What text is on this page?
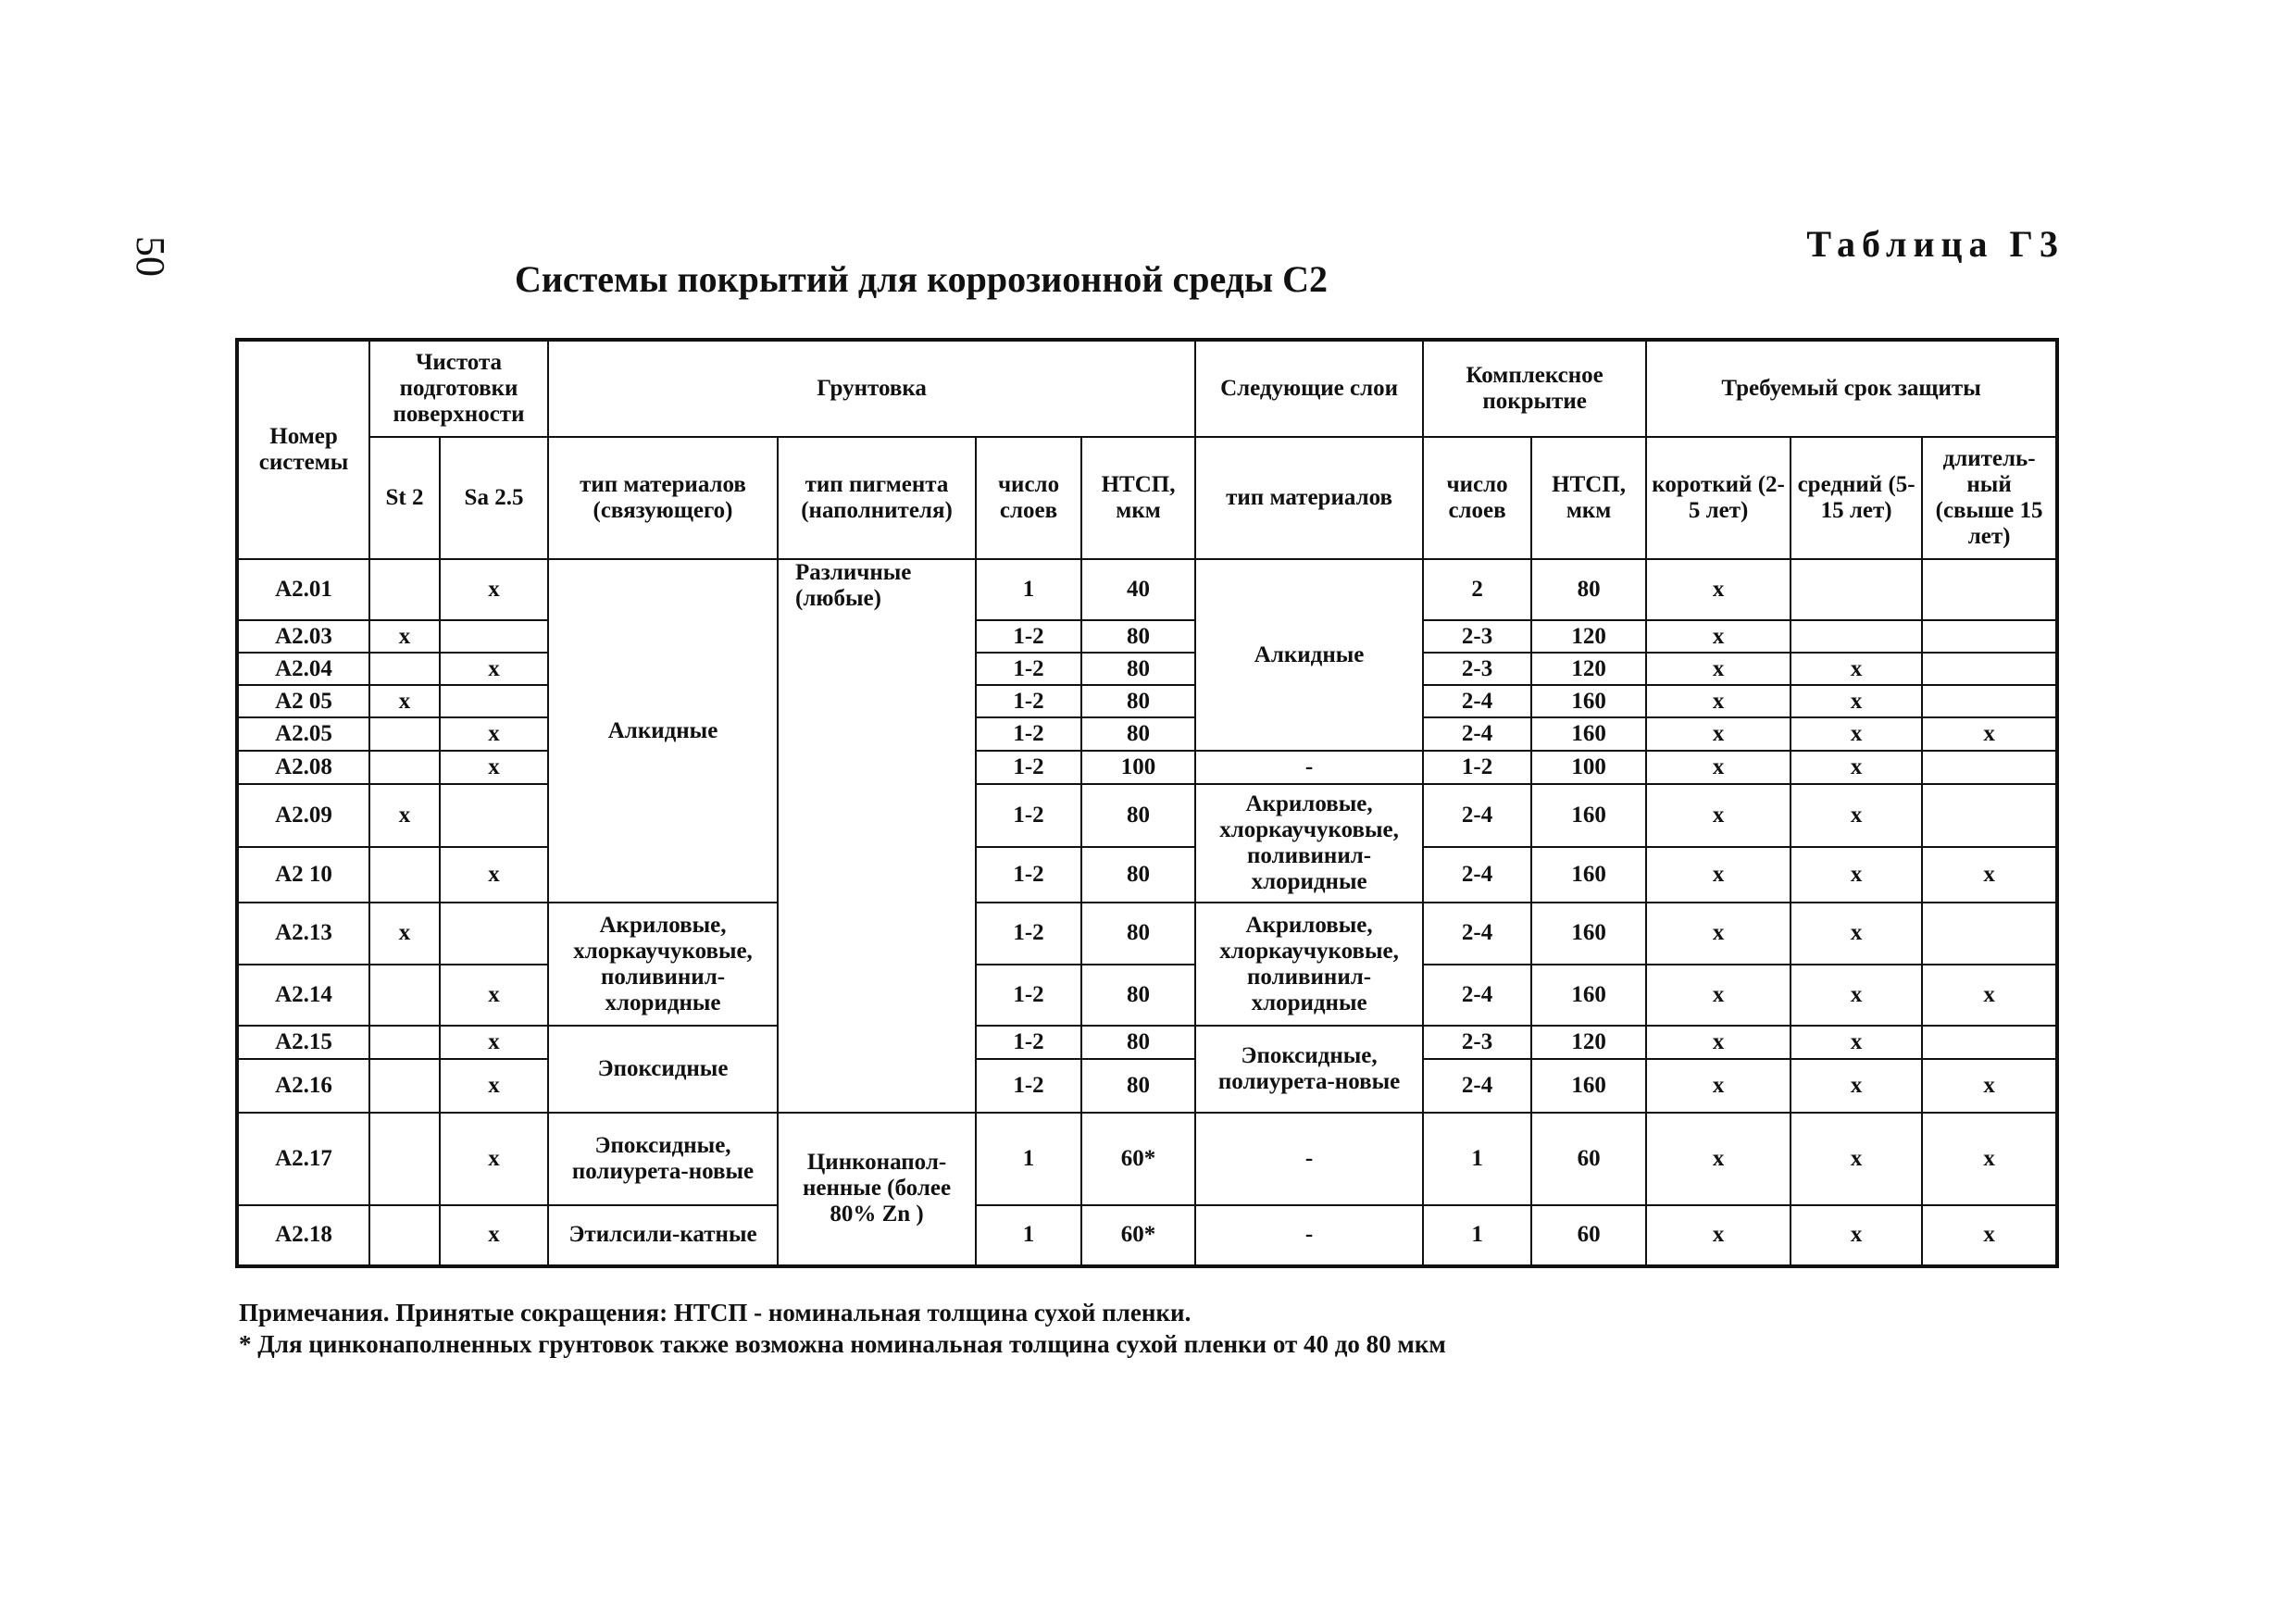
50	Таблица Г3
Системы покрытий для коррозионной среды С2
Номер системы	Чистота подготовки поверхности		Грунтовка				Следующие слои	Комплексное покрытие		Требуемый срок защиты		
	St 2	Sa 2.5	тип материалов (связующего)	тип пигмента (наполнителя)	число слоев	НТСП, мкм	тип материалов	число слоев	НТСП, мкм	короткий (2-5 лет)	средний (5-15 лет)	длитель-ный (свыше 15 лет)
A2.01		x	Алкидные	Различные (любые)	1	40	Алкидные	2	80	x		
A2.03	x				1-2	80		2-3	120	x		
A2.04		x			1-2	80		2-3	120	x	x	
A2 05	x				1-2	80		2-4	160	x	x	
A2.05		x			1-2	80		2-4	160	x	x	x
A2.08		x			1-2	100	-	1-2	100	x	x	
A2.09	x				1-2	80	Акриловые, хлоркаучуковые, поливинил-хлоридные	2-4	160	x	x	
A2 10		x			1-2	80		2-4	160	x	x	x
A2.13	x		Акриловые, хлоркаучуковые, поливинил-хлоридные		1-2	80	Акриловые, хлоркаучуковые, поливинил-хлоридные	2-4	160	x	x	
A2.14		x			1-2	80		2-4	160	x	x	x
A2.15		x	Эпоксидные		1-2	80	Эпоксидные, полиурета-новые	2-3	120	x	x	
A2.16		x			1-2	80		2-4	160	x	x	x
A2.17		x	Эпоксидные, полиурета-новые	Цинконапол-ненные (более 80% Zn )	1	60*	-	1	60	x	x	x
A2.18		x	Этилсили-катные		1	60*	-	1	60	x	x	x
Примечания. Принятые сокращения: НТСП - номинальная толщина сухой пленки.
* Для цинконаполненных грунтовок также возможна номинальная толщина сухой пленки от 40 до 80 мкм
